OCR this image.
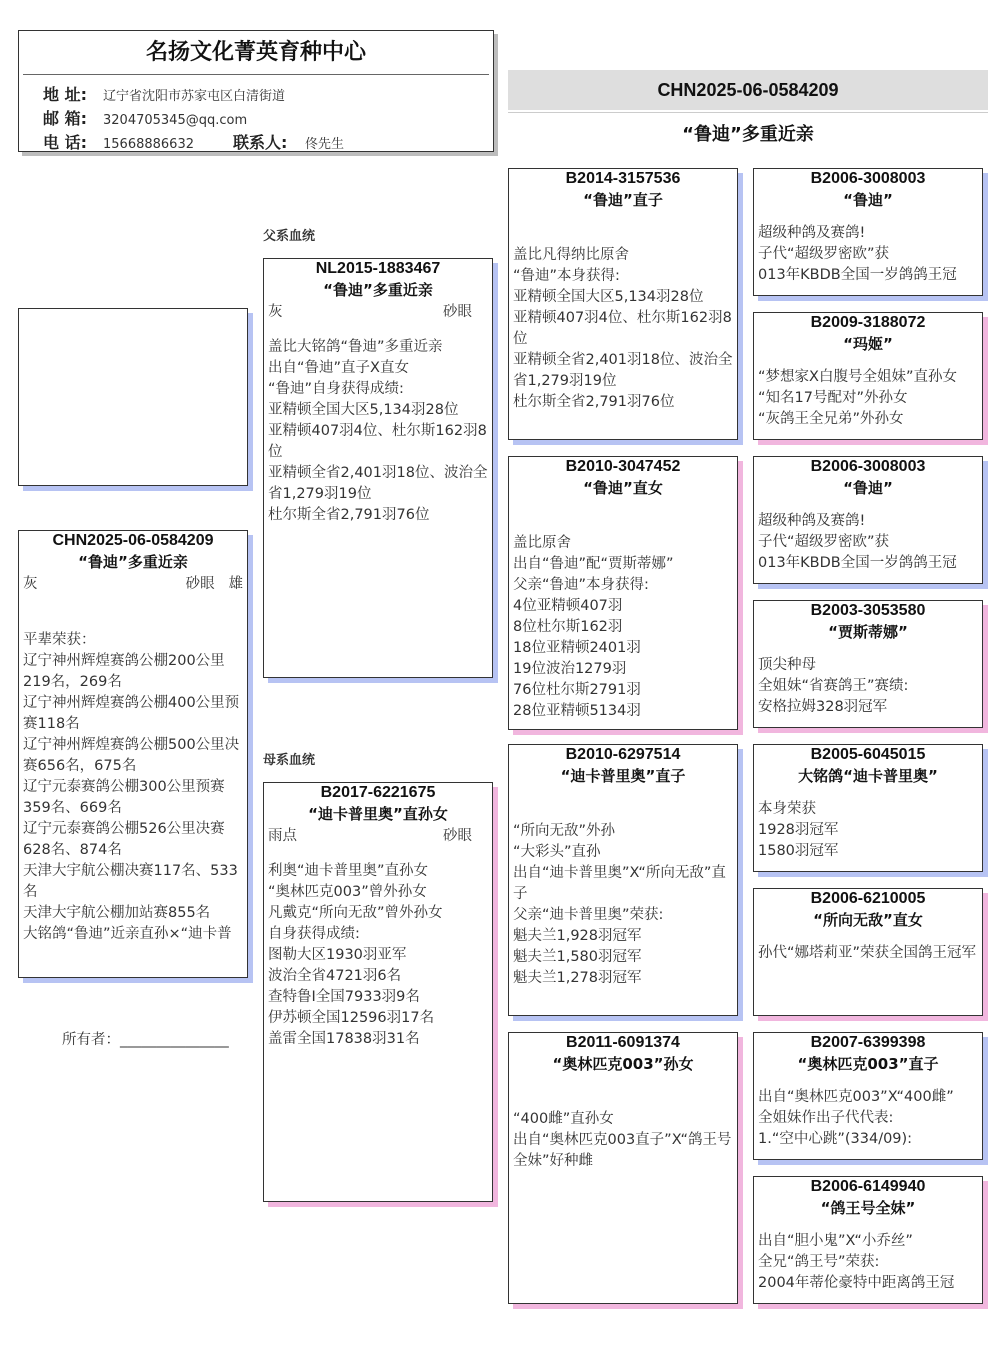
名扬文化菁英育种中心
地 址: 辽宁省沈阳市苏家屯区白清街道
邮 箱: 3204705345@qq.com
电 话: 15668886632 联系人: 佟先生
CHN2025-06-0584209
“鲁迪”多重近亲
CHN2025-06-0584209
“鲁迪”多重近亲
灰	砂眼 雄

平辈荣获：
辽宁神州辉煌赛鸽公棚200公里219名，269名
辽宁神州辉煌赛鸽公棚400公里预赛118名
辽宁神州辉煌赛鸽公棚500公里决赛656名，675名
辽宁元泰赛鸽公棚300公里预赛359名、669名
辽宁元泰赛鸽公棚526公里决赛628名、874名
天津大宇航公棚决赛117名、533名
天津大宇航公棚加站赛855名
大铭鸽“鲁迪”近亲直孙×“迪卡普
所有者：_______________
父系血统
母系血统
NL2015-1883467
“鲁迪”多重近亲
灰	砂眼
盖比大铭鸽“鲁迪”多重近亲
出自“鲁迪”直子X直女
“鲁迪”自身获得成绩:
亚精顿全国大区5,134羽28位
亚精顿407羽4位、杜尔斯162羽8位
亚精顿全省2,401羽18位、波治全省1,279羽19位
杜尔斯全省2,791羽76位
B2017-6221675
“迪卡普里奥”直孙女
雨点	砂眼
利奥“迪卡普里奥”直孙女
“奥林匹克003”曾外孙女
凡戴克“所向无敌”曾外孙女
自身获得成绩:
图勒大区1930羽亚军
波治全省4721羽6名
查特鲁Ⅰ全国7933羽9名
伊苏顿全国12596羽17名
盖雷全国17838羽31名
B2014-3157536
“鲁迪”直子
盖比凡得纳比原舍
“鲁迪”本身获得:
亚精顿全国大区5,134羽28位
亚精顿407羽4位、杜尔斯162羽8位
亚精顿全省2,401羽18位、波治全省1,279羽19位
杜尔斯全省2,791羽76位
B2010-3047452
“鲁迪”直女
盖比原舍
出自“鲁迪”配“贾斯蒂娜”
父亲“鲁迪”本身获得:
4位亚精顿407羽
8位杜尔斯162羽
18位亚精顿2401羽
19位波治1279羽
76位杜尔斯2791羽
28位亚精顿5134羽
B2010-6297514
“迪卡普里奥”直子
“所向无敌”外孙
“大彩头”直孙
出自“迪卡普里奥”X“所向无敌”直子
父亲“迪卡普里奥”荣获:
魁夫兰1,928羽冠军
魁夫兰1,580羽冠军
魁夫兰1,278羽冠军
B2011-6091374
“奥林匹克003”孙女
“400雌”直孙女
出自“奥林匹克003直子”X“鸽王号全妹”好种雌
B2006-3008003
“鲁迪”
超级种鸽及赛鸽!
子代“超级罗密欧”获
013年KBDB全国一岁鸽鸽王冠
B2009-3188072
“玛姬”
“梦想家X白腹号全姐妹”直孙女
“知名17号配对”外孙女
“灰鸽王全兄弟”外孙女
B2006-3008003
“鲁迪”
超级种鸽及赛鸽!
子代“超级罗密欧”获
013年KBDB全国一岁鸽鸽王冠
B2003-3053580
“贾斯蒂娜”
顶尖种母
全姐妹“省赛鸽王”赛绩:
安格拉姆328羽冠军
B2005-6045015
大铭鸽“迪卡普里奥”
本身荣获
1928羽冠军
1580羽冠军
B2006-6210005
“所向无敌”直女
孙代“娜塔莉亚”荣获全国鸽王冠军
B2007-6399398
“奥林匹克003”直子
出自“奥林匹克003”X“400雌”
全姐妹作出子代代表:
1.“空中心跳”(334/09):
B2006-6149940
“鸽王号全妹”
出自“胆小鬼”X“小乔丝”
全兄“鸽王号”荣获:
2004年蒂伦豪特中距离鸽王冠
